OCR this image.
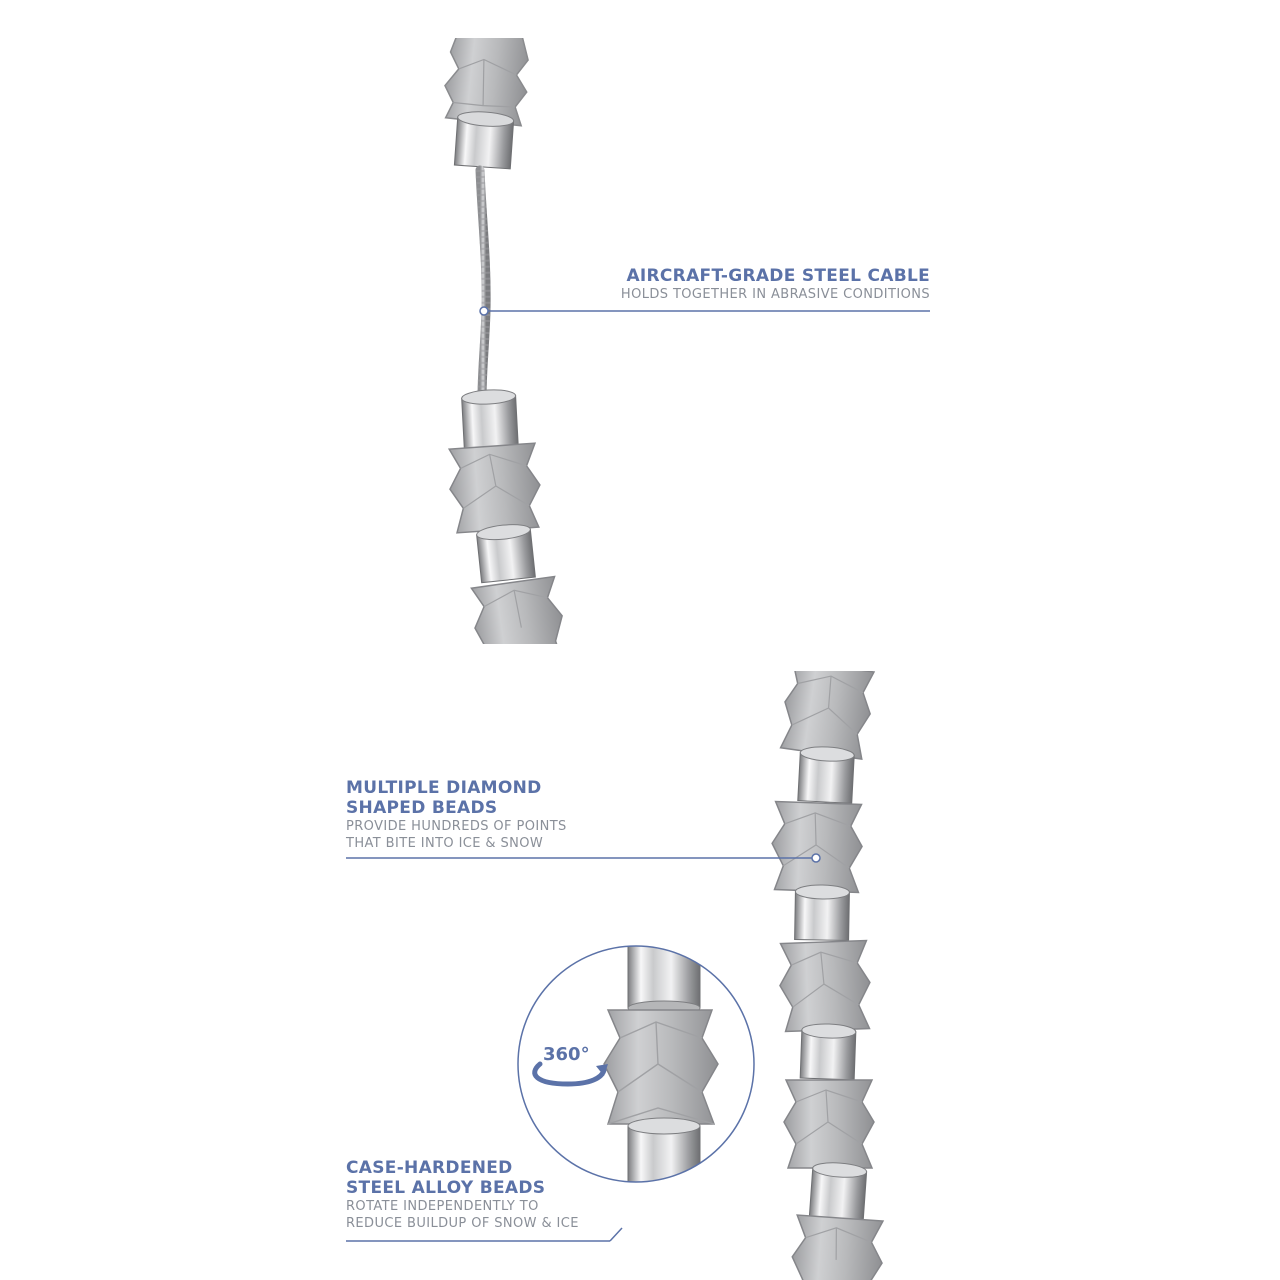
360°

AIRCRAFT-GRADE STEEL CABLE

HOLDS TOGETHER IN ABRASIVE CONDITIONS

MULTIPLE DIAMOND

SHAPED BEADS

PROVIDE HUNDREDS OF POINTS

THAT BITE INTO ICE & SNOW

CASE-HARDENED

STEEL ALLOY BEADS

ROTATE INDEPENDENTLY TO

REDUCE BUILDUP OF SNOW & ICE
